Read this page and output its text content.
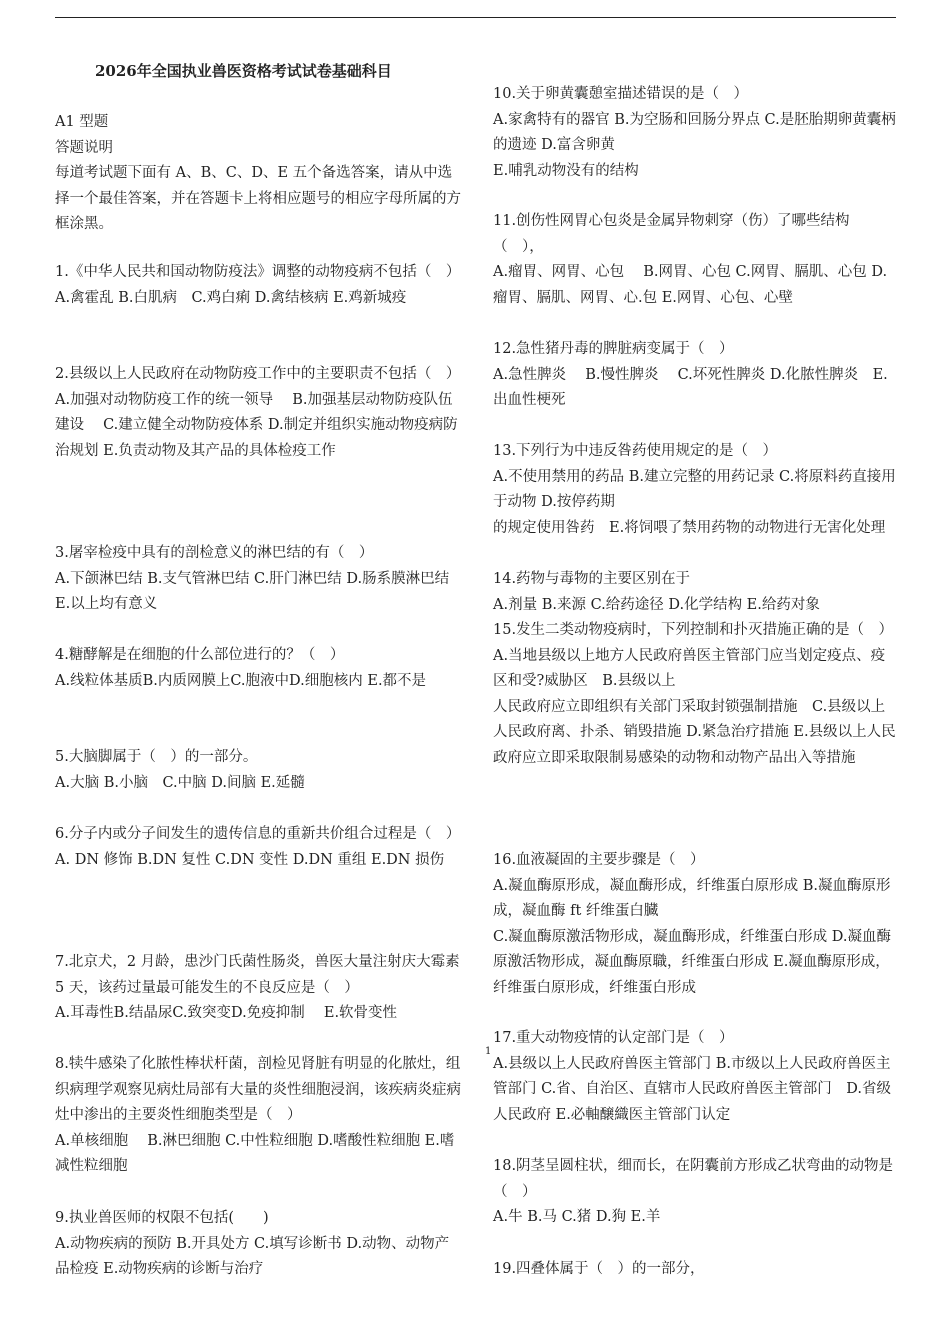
2026年全国执业兽医资格考试试卷基础科目

A1 型题

答题说明

每道考试题下面有 A、B、C、D、E 五个备选答案，请从中选择一个最佳答案，并在答题卡上将相应题号的相应字母所属的方框涂黑。

1.《中华人民共和国动物防疫法》调整的动物疫病不包括（　）

A.禽霍乱 B.白肌病　C.鸡白痢 D.禽结核病 E.鸡新城疫

2.县级以上人民政府在动物防疫工作中的主要职责不包括（　）

A.加强对动物防疫工作的统一领导　 B.加强基层动物防疫队伍建设　 C.建立健全动物防疫体系 D.制定并组织实施动物疫病防治规划 E.负责动物及其产品的具体检疫工作

3.屠宰检疫中具有的剖检意义的淋巴结的有（　）

A.下颌淋巴结 B.支气管淋巴结 C.肝门淋巴结 D.肠系膜淋巴结 E.以上均有意义

4.糖酵解是在细胞的什么部位进行的？（　）

A.线粒体基质B.内质网膜上C.胞液中D.细胞核内 E.都不是

5.大脑脚属于（　）的一部分。

A.大脑 B.小脑　C.中脑 D.间脑 E.延髓

6.分子内或分子间发生的遗传信息的重新共价组合过程是（　）

A. DN 修饰 B.DN 复性 C.DN 变性 D.DN 重组 E.DN 损伤

7.北京犬，2 月龄，患沙门氏菌性肠炎，兽医大量注射庆大霉素 5 天，该药过量最可能发生的不良反应是（　）

A.耳毒性B.结晶尿C.致突变D.免疫抑制　 E.软骨变性

8.犊牛感染了化脓性棒状杆菌，剖检见肾脏有明显的化脓灶，组织病理学观察见病灶局部有大量的炎性细胞浸润，该疾病炎症病灶中渗出的主要炎性细胞类型是（　）

A.单核细胞　 B.淋巴细胞 C.中性粒细胞 D.嗜酸性粒细胞 E.嗜减性粒细胞

9.执业兽医师的权限不包括(　　)

A.动物疾病的预防 B.开具处方 C.填写诊断书 D.动物、动物产品检疫 E.动物疾病的诊断与治疗

10.关于卵黄囊憩室描述错误的是（　）

A.家禽特有的器官 B.为空肠和回肠分界点 C.是胚胎期卵黄囊柄的遗迹 D.富含卵黄

E.哺乳动物没有的结构

11.创伤性网胃心包炎是金属异物刺穿（伤）了哪些结构（　），

A.瘤胃、网胃、心包　 B.网胃、心包 C.网胃、膈肌、心包 D.瘤胃、膈肌、网胃、心.包 E.网胃、心包、心壁

12.急性猪丹毒的脾脏病变属于（　）

A.急性脾炎　 B.慢性脾炎　 C.坏死性脾炎 D.化脓性脾炎　E.出血性梗死

13.下列行为中违反咎药使用规定的是（　）

A.不使用禁用的药品 B.建立完整的用药记录 C.将原料药直接用于动物 D.按停药期

的规定使用咎药　E.将饲喂了禁用药物的动物进行无害化处理

14.药物与毒物的主要区别在于

A.剂量 B.来源 C.给药途径 D.化学结构 E.给药对象

15.发生二类动物疫病时，下列控制和扑灭措施正确的是（　）

A.当地县级以上地方人民政府兽医主管部门应当划定疫点、疫区和受?威胁区　B.县级以上

人民政府应立即组织有关部门采取封锁强制措施　C.县级以上人民政府离、扑杀、销毁措施 D.紧急治疗措施 E.县级以上人民政府应立即采取限制易感染的动物和动物产品出入等措施

16.血液凝固的主要步骤是（　）

A.凝血酶原形成，凝血酶形成，纤维蛋白原形成 B.凝血酶原形成，凝血酶 ft 纤维蛋白臓

C.凝血酶原激活物形成，凝血酶形成，纤维蛋白形成 D.凝血酶原激活物形成，凝血酶原職，纤维蛋白形成 E.凝血酶原形成，纤维蛋白原形成，纤维蛋白形成

17.重大动物疫情的认定部门是（　）

A.县级以上人民政府兽医主管部门 B.市级以上人民政府兽医主管部门 C.省、自治区、直辖市人民政府兽医主管部门　D.省级人民政府 E.必軸醸織医主管部门认定

18.阴茎呈圆柱状，细而长，在阴囊前方形成乙状弯曲的动物是（　）

A.牛 B.马 C.猪 D.狗 E.羊

19.四叠体属于（　）的一部分，

1
